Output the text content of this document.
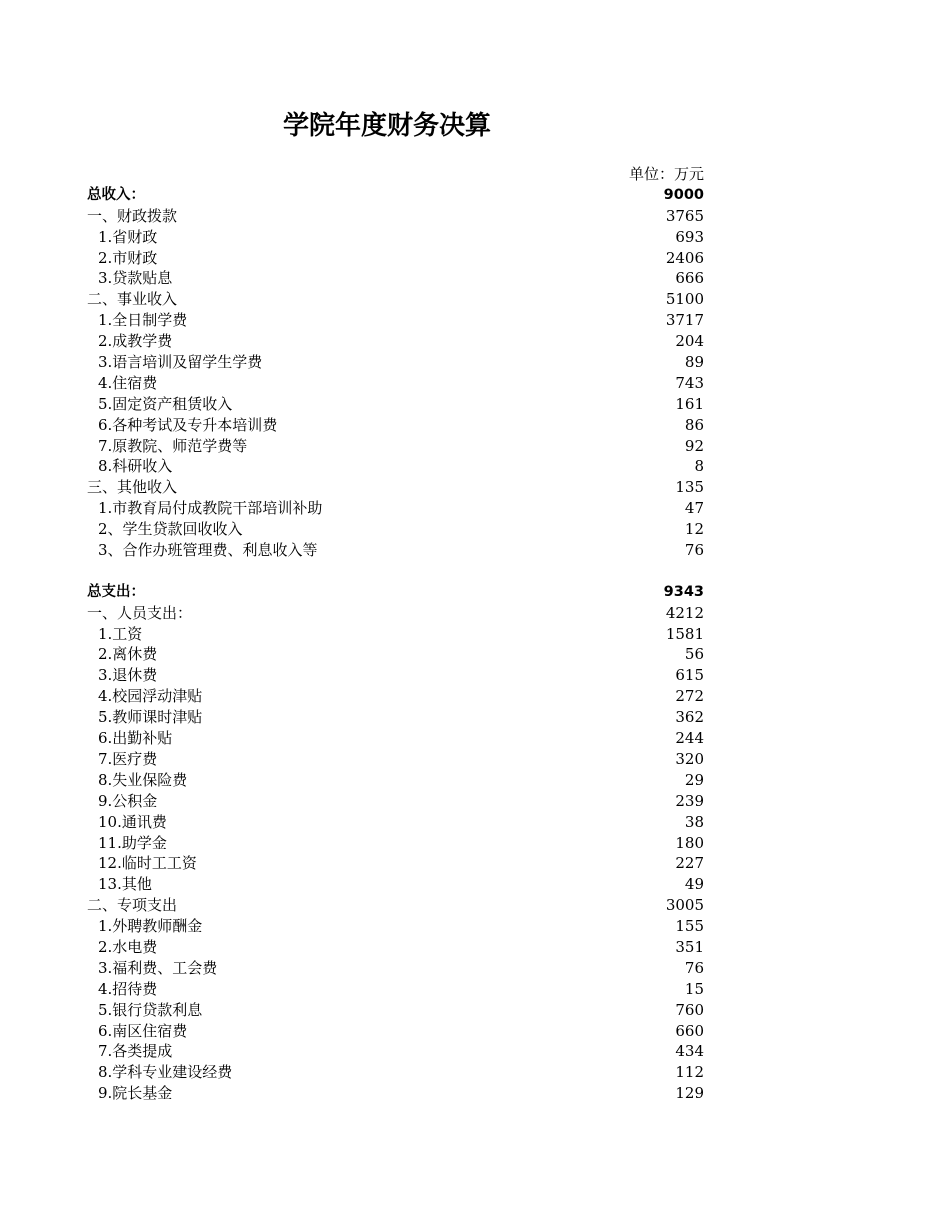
学院年度财务决算
单位：万元
总收入：	9000
一、财政拨款	3765
1.省财政	693
2.市财政	2406
3.贷款贴息	666
二、事业收入	5100
1.全日制学费	3717
2.成教学费	204
3.语言培训及留学生学费	89
4.住宿费	743
5.固定资产租赁收入	161
6.各种考试及专升本培训费	86
7.原教院、师范学费等	92
8.科研收入	8
三、其他收入	135
1.市教育局付成教院干部培训补助	47
2、学生贷款回收收入	12
3、合作办班管理费、利息收入等	76
总支出：	9343
一、人员支出：	4212
1.工资	1581
2.离休费	56
3.退休费	615
4.校园浮动津贴	272
5.教师课时津贴	362
6.出勤补贴	244
7.医疗费	320
8.失业保险费	29
9.公积金	239
10.通讯费	38
11.助学金	180
12.临时工工资	227
13.其他	49
二、专项支出	3005
1.外聘教师酬金	155
2.水电费	351
3.福利费、工会费	76
4.招待费	15
5.银行贷款利息	760
6.南区住宿费	660
7.各类提成	434
8.学科专业建设经费	112
9.院长基金	129
